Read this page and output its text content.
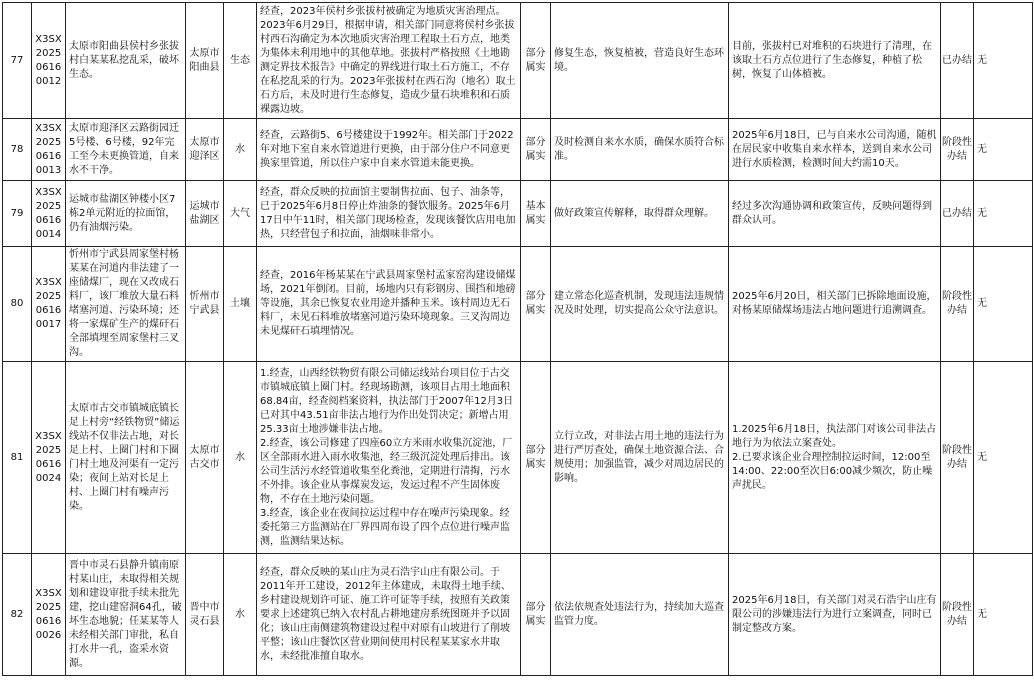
77	X3SX202506160012	太原市阳曲县侯村乡张拔村白某某私挖乱采，破坏生态。	太原市阳曲县	生态	经查，2023年侯村乡张拔村被确定为地质灾害治理点。2023年6月29日，根据申请，相关部门同意将侯村乡张拔村西石沟确定为本次地质灾害治理工程取土石方点，地类为集体未利用地中的其他草地。张拔村严格按照《土地勘测定界技术报告》中确定的界线进行取土石方施工，不存在私挖乱采的行为。2023年张拔村在西石沟（地名）取土石方后，未及时进行生态修复，造成少量石块堆积和石质裸露边坡。	部分属实	修复生态，恢复植被，营造良好生态环境。	目前，张拔村已对堆积的石块进行了清理，在该取土石方点位进行了生态修复，种植了松树，恢复了山体植被。	已办结	无
78	X3SX202506160013	太原市迎泽区云路街园迁5号楼、6号楼，92年完工至今未更换管道，自来水不干净。	太原市迎泽区	水	经查，云路街5、6号楼建设于1992年。相关部门于2022年对地下室自来水管道进行更换，由于部分住户不同意更换家里管道，所以住户家中自来水管道未能更换。	部分属实	及时检测自来水水质，确保水质符合标准。	2025年6月18日，已与自来水公司沟通，随机在居民家中收集自来水样本，送到自来水公司进行水质检测，检测时间大约需10天。	阶段性办结	无
79	X3SX202506160014	运城市盐湖区钟楼小区7栋2单元附近的拉面馆，仍有油烟污染。	运城市盐湖区	大气	经查，群众反映的拉面馆主要制售拉面、包子、油条等，已于2025年6月8日停止炸油条的餐饮服务。2025年6月17日中午11时，相关部门现场检查，发现该餐饮店用电加热，只经营包子和拉面，油烟味非常小。	基本属实	做好政策宣传解释，取得群众理解。	经过多次沟通协调和政策宣传，反映问题得到群众认可。	已办结	无
80	X3SX202506160017	忻州市宁武县周家堡村杨某某在河道内非法建了一座储煤厂，现在又改成石料厂，该厂堆放大量石料堵塞河道、污染环境；还将一家煤矿生产的煤矸石全部填埋至周家堡村三叉沟。	忻州市宁武县	土壤	经查，2016年杨某某在宁武县周家堡村孟家窑沟建设储煤场，2021年倒闭。目前，场地内只有彩钢房、围挡和地磅等设施，其余已恢复农业用途并播种玉米。该村周边无石料厂，未见石料堆放堵塞河道污染环境现象。三叉沟周边未见煤矸石填埋情况。	部分属实	建立常态化巡查机制，发现违法违规情况及时处理，切实提高公众守法意识。	2025年6月20日，相关部门已拆除地面设施，对杨某原储煤场违法占地问题进行追溯调查。	阶段性办结	无
81	X3SX202506160024	太原市古交市镇城底镇长足上村旁“经铁物贸”储运线站不仅非法占地，对长足上村、上圈门村和下圈门村土地及河渠有一定污染；夜间上站对长足上村、上圈门村有噪声污染。	太原市古交市	水	1.经查，山西经铁物贸有限公司储运线站台项目位于古交市镇城底镇上圈门村。经现场勘测，该项目占用土地面积68.84亩，经查阅档案资料，执法部门于2007年12月3日已对其中43.51亩非法占地行为作出处罚决定；新增占用25.33亩土地涉嫌非法占地。
2.经查，该公司修建了四座60立方米雨水收集沉淀池，厂区全部雨水进入雨水收集池，经三级沉淀处理后排出。该公司生活污水经管道收集至化粪池，定期进行清掏，污水不外排。该企业从事煤炭发运，发运过程不产生固体废物，不存在土地污染问题。
3.经查，该企业在夜间拉运过程中存在噪声污染现象。经委托第三方监测站在厂界四周布设了四个点位进行噪声监测，监测结果达标。	部分属实	立行立改，对非法占用土地的违法行为进行严厉查处，确保土地资源合法、合规使用；加强监管，减少对周边居民的影响。	1.2025年6月18日，执法部门对该公司非法占地行为为依法立案查处。
2.已要求该企业合理控制拉运时间，12:00至14:00、22:00至次日6:00减少频次，防止噪声扰民。	阶段性办结	无
82	X3SX202506160026	晋中市灵石县静升镇南原村某山庄，未取得相关规划和建设审批手续未批先建，挖山建窑洞64孔，破坏生态地貌；任某某等人未经相关部门审批，私自打水井一孔，盗采水资源。	晋中市灵石县	水	经查，群众反映的某山庄为灵石浩宇山庄有限公司。于2011年开工建设，2012年主体建成，未取得土地手续、乡村建设规划许可证、施工许可证等手续，按照有关政策要求上述建筑已纳入农村乱占耕地建房系统图斑并予以固化；该山庄南侧建筑物建设过程中对原有山坡进行了削坡平整；该山庄餐饮区营业期间使用村民程某某家水井取水，未经批准擅自取水。	部分属实	依法依规查处违法行为，持续加大巡查监管力度。	2025年6月18日，有关部门对灵石浩宇山庄有限公司的涉嫌违法行为进行立案调查，同时已制定整改方案。	阶段性办结	无
